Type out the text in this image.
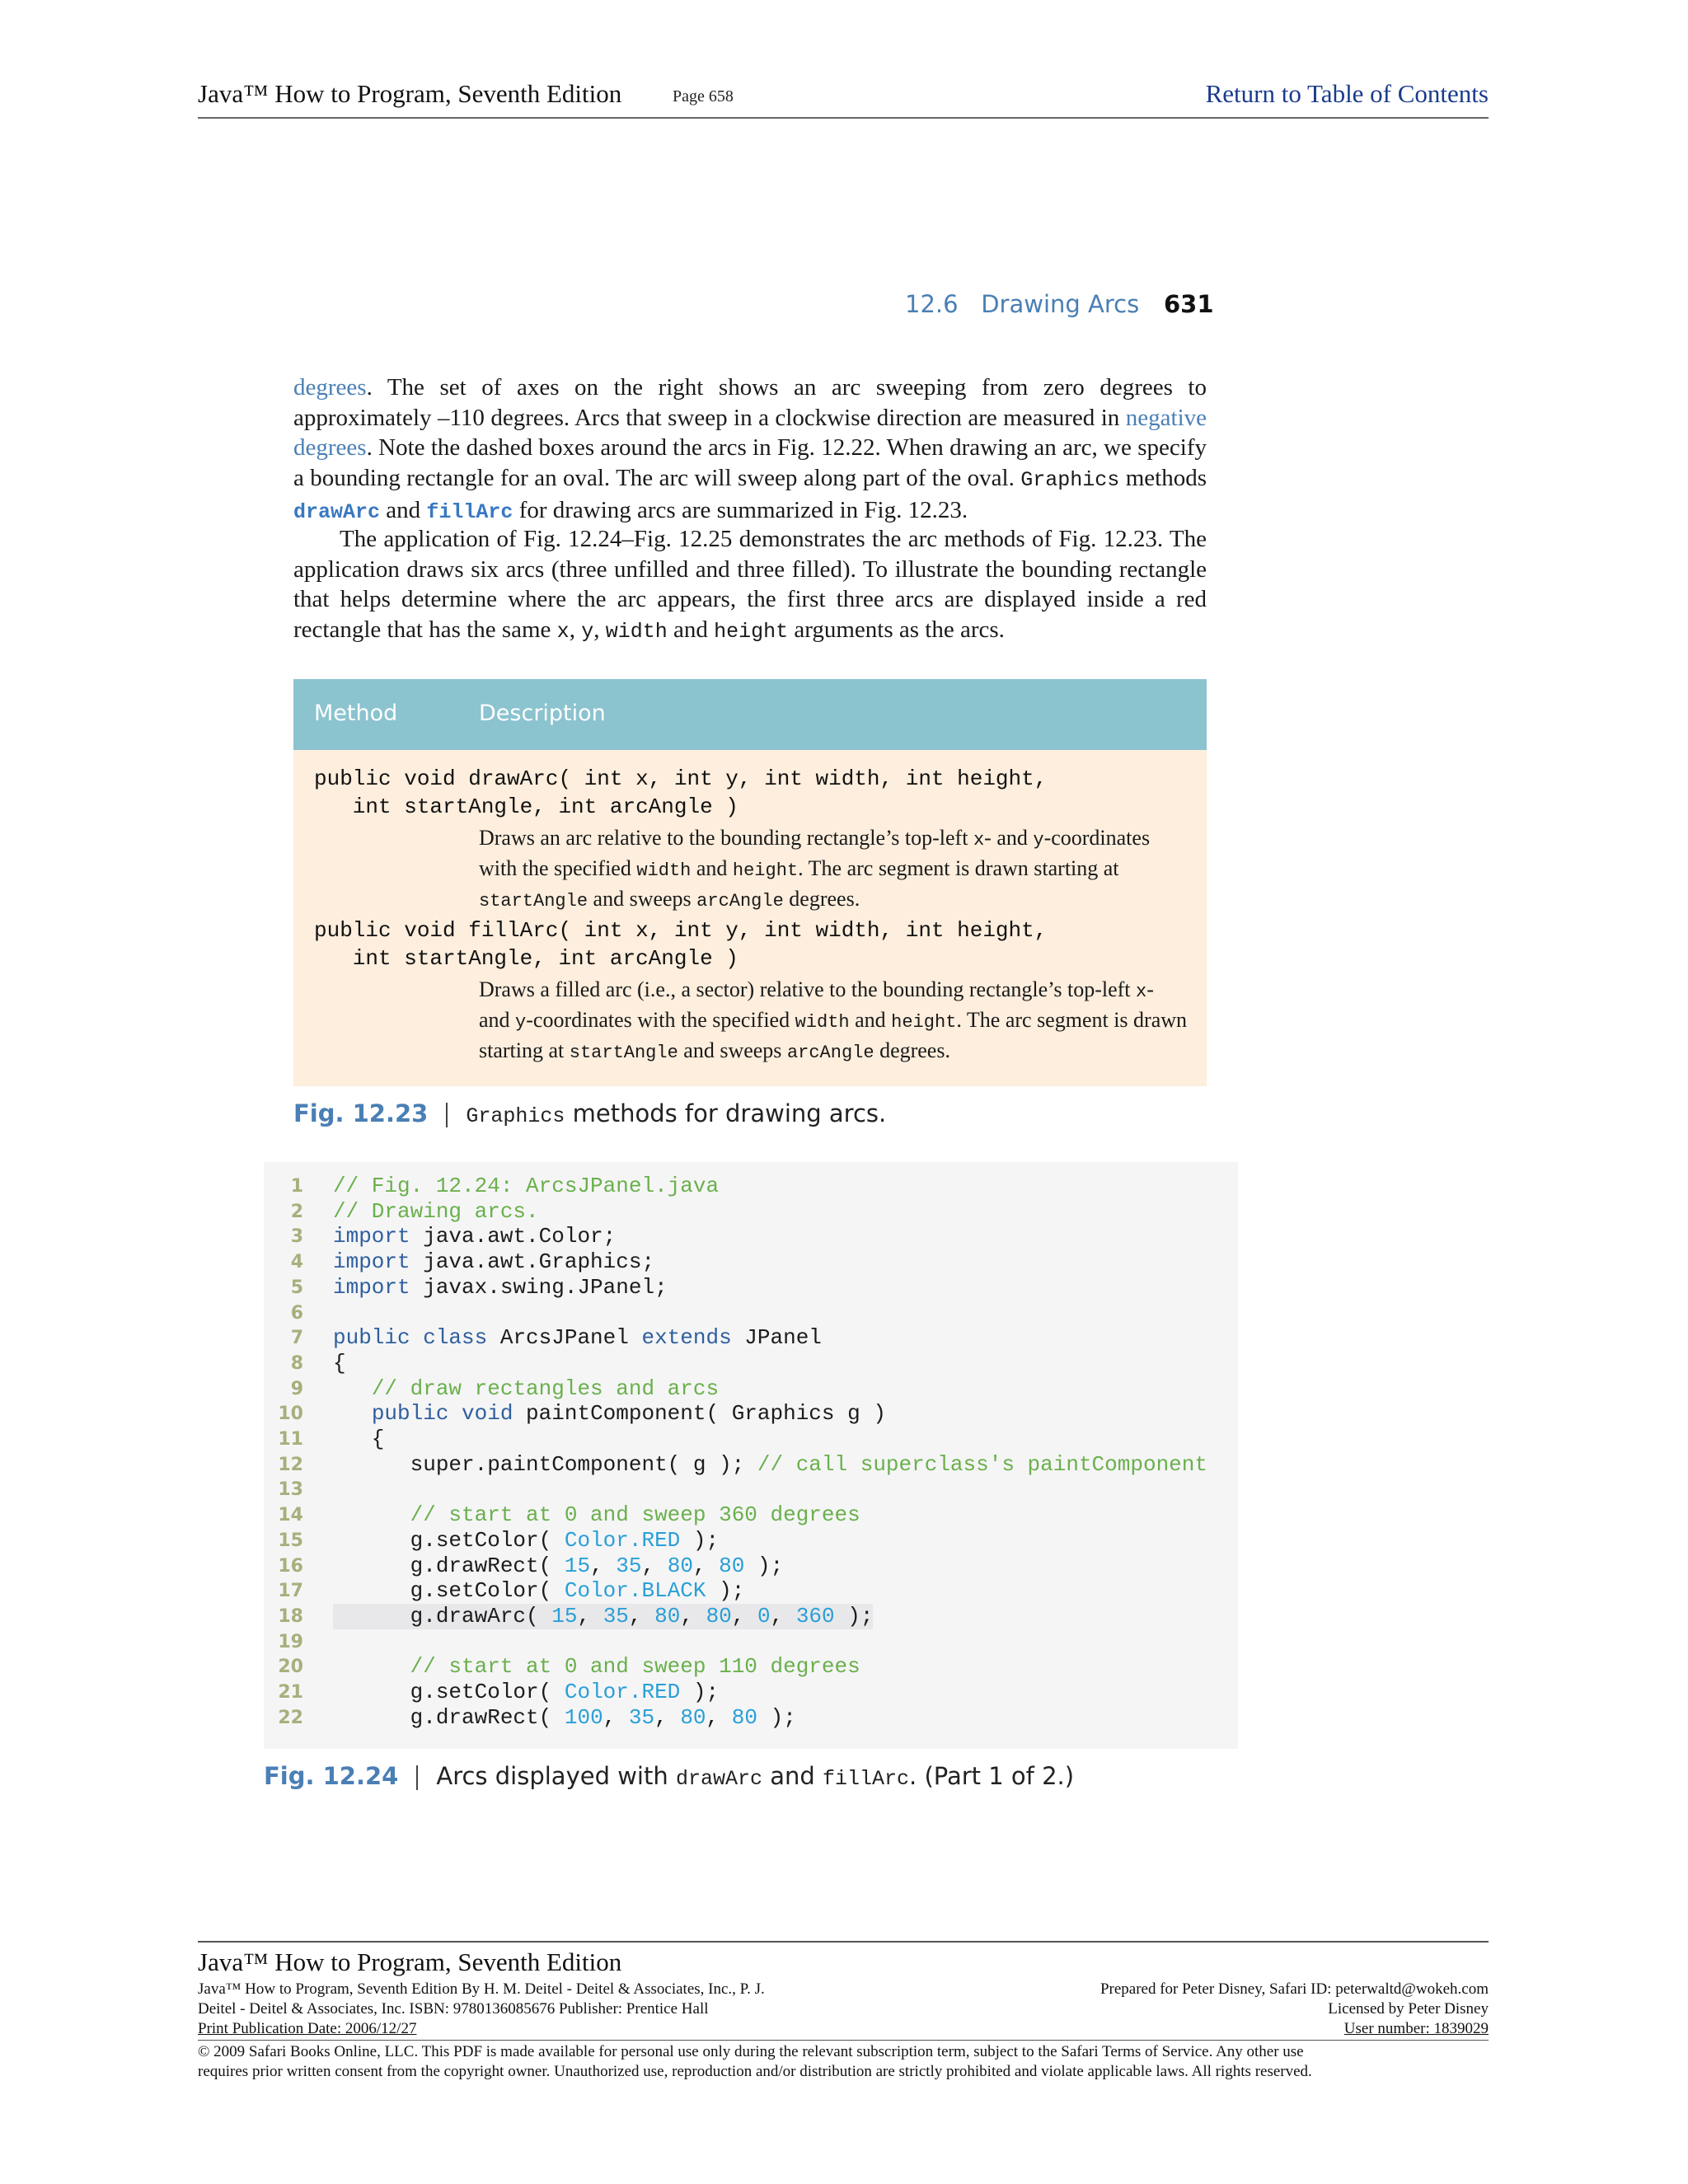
Java™ How to Program, Seventh Edition	Page 658	Return to Table of Contents
12.6   Drawing Arcs 631
degrees. The set of axes on the right shows an arc sweeping from zero degrees to approximately –110 degrees. Arcs that sweep in a clockwise direction are measured in negative degrees. Note the dashed boxes around the arcs in Fig. 12.22. When drawing an arc, we specify a bounding rectangle for an oval. The arc will sweep along part of the oval. Graphics methods drawArc and fillArc for drawing arcs are summarized in Fig. 12.23.
The application of Fig. 12.24–Fig. 12.25 demonstrates the arc methods of Fig. 12.23. The application draws six arcs (three unfilled and three filled). To illustrate the bounding rectangle that helps determine where the arc appears, the first three arcs are displayed inside a red rectangle that has the same x, y, width and height arguments as the arcs.
Method	Description
public void drawArc( int x, int y, int width, int height,
int startAngle, int arcAngle )
Draws an arc relative to the bounding rectangle’s top-left x- and y-coordinates with the specified width and height. The arc segment is drawn starting at startAngle and sweeps arcAngle degrees.
public void fillArc( int x, int y, int width, int height,
int startAngle, int arcAngle )
Draws a filled arc (i.e., a sector) relative to the bounding rectangle’s top-left x- and y-coordinates with the specified width and height. The arc segment is drawn starting at startAngle and sweeps arcAngle degrees.
Fig. 12.23 Graphics methods for drawing arcs.
1 // Fig. 12.24: ArcsJPanel.java
2 // Drawing arcs.
3 import java.awt.Color;
4 import java.awt.Graphics;
5 import javax.swing.JPanel;
6
7 public class ArcsJPanel extends JPanel
8 {
9	// draw rectangles and arcs
10	public void paintComponent( Graphics g )
11 {
12 super.paintComponent( g ); // call superclass's paintComponent
13
14	// start at 0 and sweep 360 degrees
15 g.setColor( Color.RED );
16 g.drawRect( 15, 35, 80, 80 );
17 g.setColor( Color.BLACK );
18 g.drawArc( 15, 35, 80, 80, 0, 360 );
19
20	// start at 0 and sweep 110 degrees
21 g.setColor( Color.RED );
22 g.drawRect( 100, 35, 80, 80 );
Fig. 12.24 Arcs displayed with drawArc and fillArc. (Part 1 of 2.)
Java™ How to Program, Seventh Edition
Java™ How to Program, Seventh Edition By H. M. Deitel - Deitel & Associates, Inc., P. J.
Deitel - Deitel & Associates, Inc. ISBN: 9780136085676 Publisher: Prentice Hall
Print Publication Date: 2006/12/27
Prepared for Peter Disney, Safari ID: peterwaltd@wokeh.com
Licensed by Peter Disney
User number: 1839029
© 2009 Safari Books Online, LLC. This PDF is made available for personal use only during the relevant subscription term, subject to the Safari Terms of Service. Any other use
requires prior written consent from the copyright owner. Unauthorized use, reproduction and/or distribution are strictly prohibited and violate applicable laws. All rights reserved.
